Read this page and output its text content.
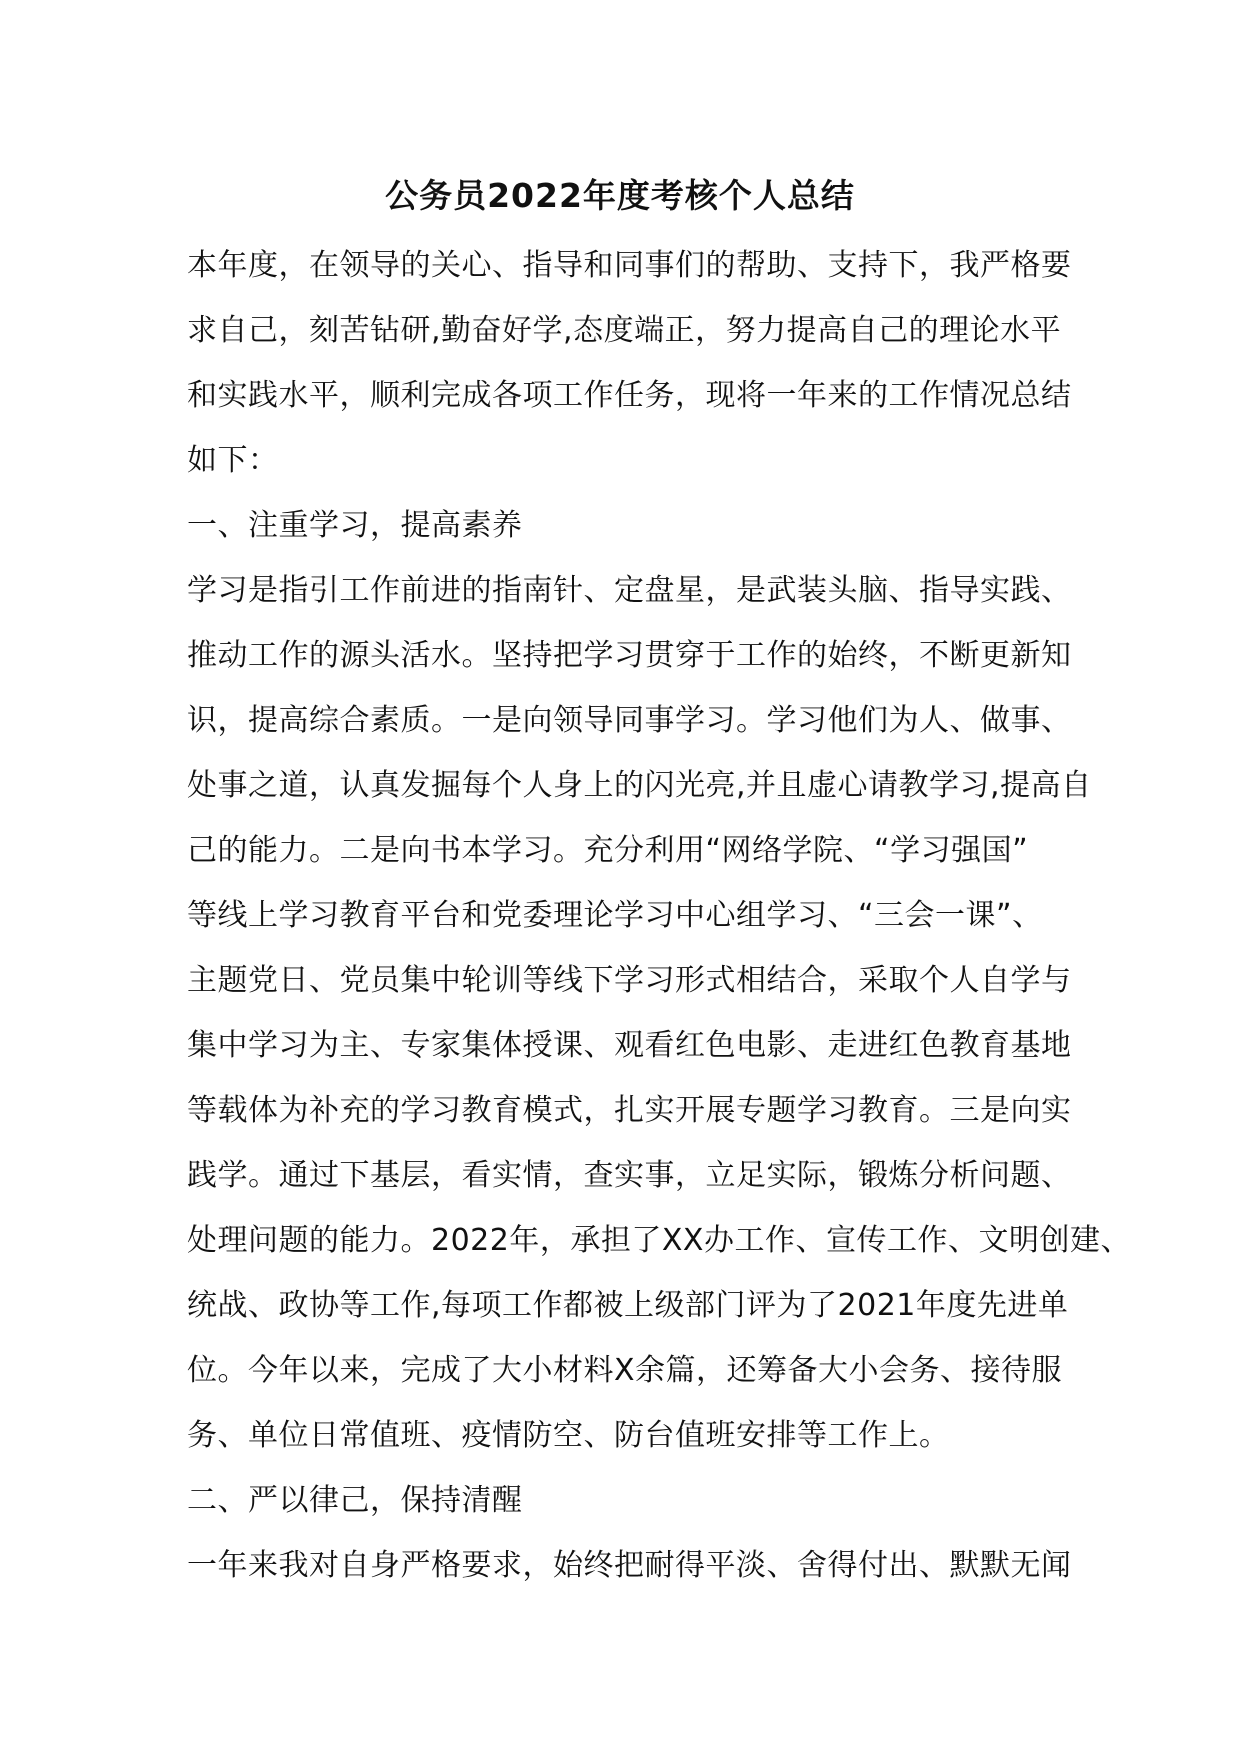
公务员2022年度考核个人总结
本年度，在领导的关心、指导和同事们的帮助、支持下，我严格要
求自己，刻苦钻研,勤奋好学,态度端正，努力提高自己的理论水平
和实践水平，顺利完成各项工作任务，现将一年来的工作情况总结
如下：
一、注重学习，提高素养
学习是指引工作前进的指南针、定盘星，是武装头脑、指导实践、
推动工作的源头活水。坚持把学习贯穿于工作的始终，不断更新知
识，提高综合素质。一是向领导同事学习。学习他们为人、做事、
处事之道，认真发掘每个人身上的闪光亮,并且虚心请教学习,提高自
己的能力。二是向书本学习。充分利用“网络学院、“学习强国”
等线上学习教育平台和党委理论学习中心组学习、“三会一课”、
主题党日、党员集中轮训等线下学习形式相结合，采取个人自学与
集中学习为主、专家集体授课、观看红色电影、走进红色教育基地
等载体为补充的学习教育模式，扎实开展专题学习教育。三是向实
践学。通过下基层，看实情，查实事，立足实际，锻炼分析问题、
处理问题的能力。2022年，承担了XX办工作、宣传工作、文明创建、
统战、政协等工作,每项工作都被上级部门评为了2021年度先进单
位。今年以来，完成了大小材料X余篇，还筹备大小会务、接待服
务、单位日常值班、疫情防空、防台值班安排等工作上。
二、严以律己，保持清醒
一年来我对自身严格要求，始终把耐得平淡、舍得付出、默默无闻
